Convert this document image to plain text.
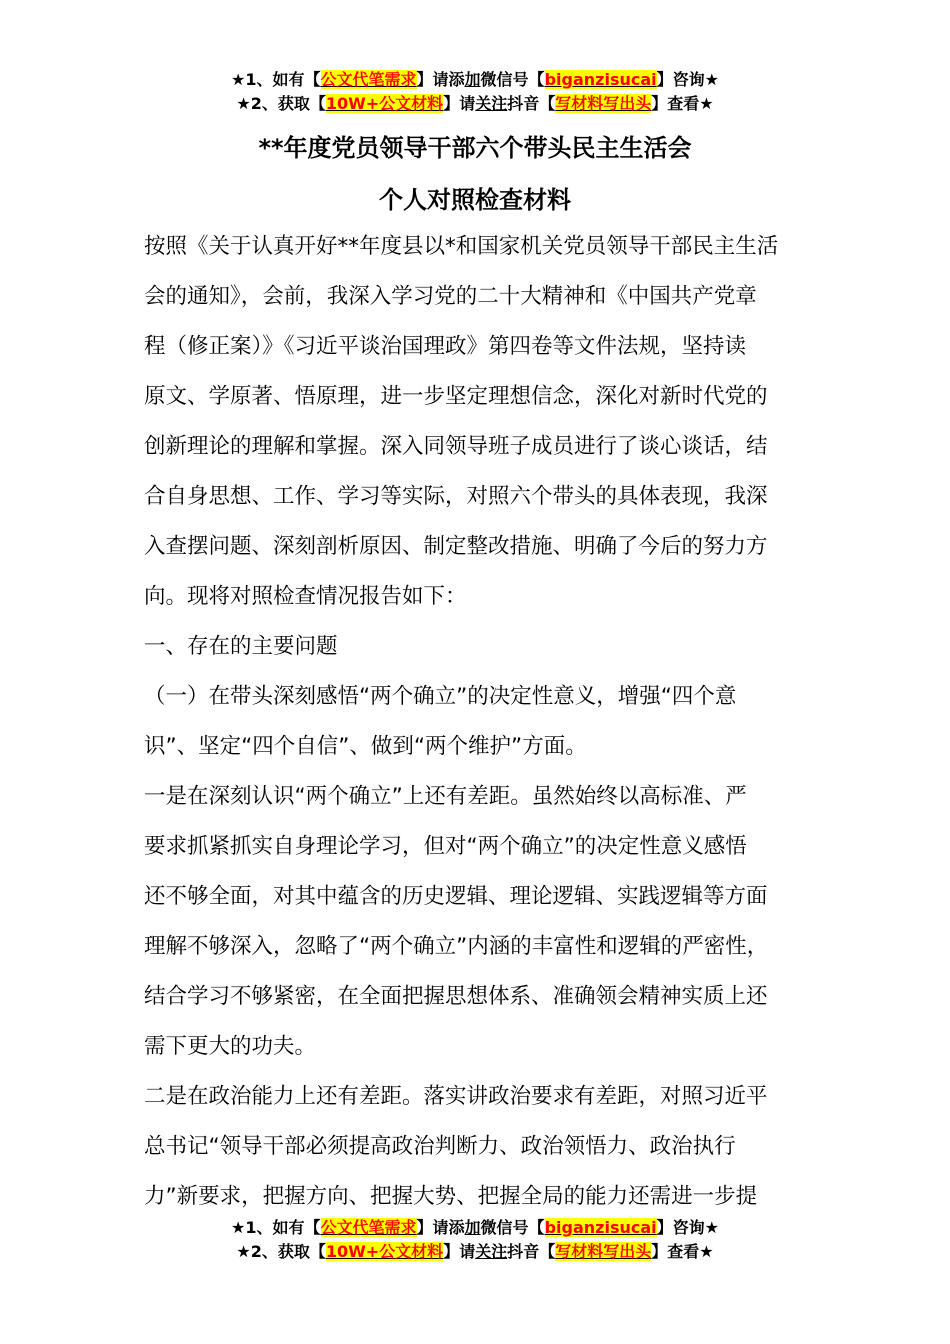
★1、如有【公文代笔需求】请添加微信号【biganzisucai】咨询★
★2、获取【10W+公文材料】请关注抖音【写材料写出头】查看★
**年度党员领导干部六个带头民主生活会
个人对照检查材料
按照《关于认真开好**年度县以*和国家机关党员领导干部民主生活
会的通知》，会前，我深入学习党的二十大精神和《中国共产党章
程（修正案）》《习近平谈治国理政》第四卷等文件法规，坚持读
原文、学原著、悟原理，进一步坚定理想信念，深化对新时代党的
创新理论的理解和掌握。深入同领导班子成员进行了谈心谈话，结
合自身思想、工作、学习等实际，对照六个带头的具体表现，我深
入查摆问题、深刻剖析原因、制定整改措施、明确了今后的努力方
向。现将对照检查情况报告如下：
一、存在的主要问题
（一）在带头深刻感悟“两个确立”的决定性意义，增强“四个意
识”、坚定“四个自信”、做到“两个维护”方面。
一是在深刻认识“两个确立”上还有差距。虽然始终以高标准、严
要求抓紧抓实自身理论学习，但对“两个确立”的决定性意义感悟
还不够全面，对其中蕴含的历史逻辑、理论逻辑、实践逻辑等方面
理解不够深入，忽略了“两个确立”内涵的丰富性和逻辑的严密性，
结合学习不够紧密，在全面把握思想体系、准确领会精神实质上还
需下更大的功夫。
二是在政治能力上还有差距。落实讲政治要求有差距，对照习近平
总书记“领导干部必须提高政治判断力、政治领悟力、政治执行
力”新要求，把握方向、把握大势、把握全局的能力还需进一步提
★1、如有【公文代笔需求】请添加微信号【biganzisucai】咨询★
★2、获取【10W+公文材料】请关注抖音【写材料写出头】查看★
